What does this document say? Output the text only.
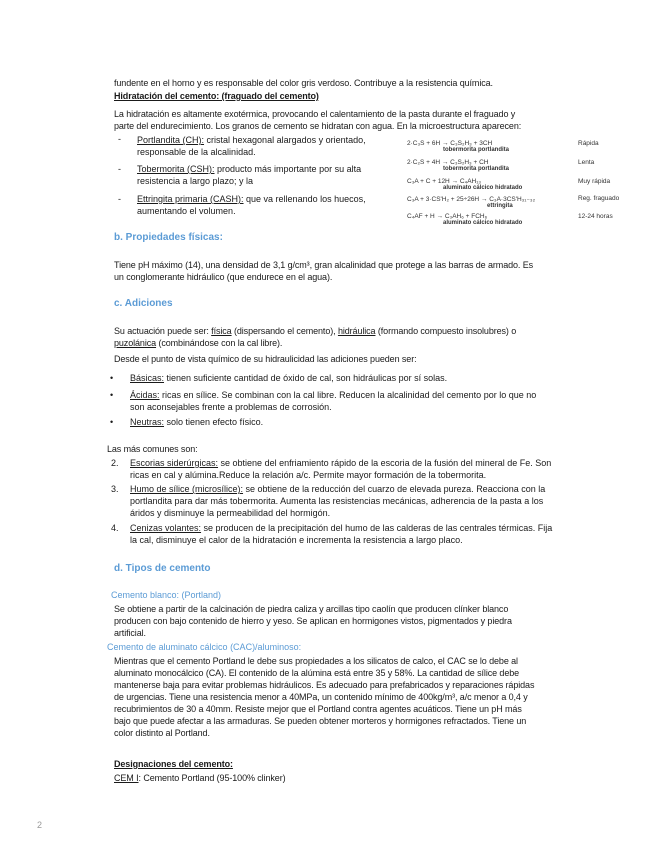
fundente en el horno y es responsable del color gris verdoso. Contribuye a la resistencia química.
Hidratación del cemento: (fraguado del cemento)
La hidratación es altamente exotérmica, provocando el calentamiento de la pasta durante el fraguado y
parte del endurecimiento. Los granos de cemento se hidratan con agua. En la microestructura aparecen:
- Portlandita (CH): cristal hexagonal alargados y orientado,
responsable de la alcalinidad.
- Tobermorita (CSH): producto más importante por su alta
resistencia a largo plazo; y la
- Ettringita primaria (CASH): que va rellenando los huecos,
aumentando el volumen.
2·C₃S + 6H → C₃S₂H₃ + 3CH	Rápida
tobermorita portlandita	

2·C₂S + 4H → C₃S₂H₃ + CH	Lenta
tobermorita portlandita	

C₃A + C + 12H → C₄AH₁₃	Muy rápida
aluminato cálcico hidratado	

C₃A + 3·CS'H₂ + 25÷26H → C₃A·3CS'H₃₁₋₃₂	Reg. fraguado
ettringita	

C₄AF + H → C₃AH₆ + FCH₆	12-24 horas
aluminato cálcico hidratado	
b. Propiedades físicas:
Tiene pH máximo (14), una densidad de 3,1 g/cm³, gran alcalinidad que protege a las barras de armado. Es
un conglomerante hidráulico (que endurece en el agua).
c. Adiciones
Su actuación puede ser: física (dispersando el cemento), hidráulica (formando compuesto insolubres) o
puzolánica (combinándose con la cal libre).
Desde el punto de vista químico de su hidraulicidad las adiciones pueden ser:
• Básicas: tienen suficiente cantidad de óxido de cal, son hidráulicas por sí solas.
• Ácidas: ricas en sílice. Se combinan con la cal libre. Reducen la alcalinidad del cemento por lo que no
son aconsejables frente a problemas de corrosión.
• Neutras: solo tienen efecto físico.
Las más comunes son:
2. Escorias siderúrgicas: se obtiene del enfriamiento rápido de la escoria de la fusión del mineral de Fe. Son
ricas en cal y alúmina.Reduce la relación a/c. Permite mayor formación de la tobermorita.
3. Humo de sílice (microsílice): se obtiene de la reducción del cuarzo de elevada pureza. Reacciona con la
portlandita para dar más tobermorita. Aumenta las resistencias mecánicas, adherencia de la pasta a los
áridos y disminuye la permeabilidad del hormigón.
4. Cenizas volantes: se producen de la precipitación del humo de las calderas de las centrales térmicas. Fija
la cal, disminuye el calor de la hidratación e incrementa la resistencia a largo placo.
d. Tipos de cemento
Cemento blanco: (Portland)
Se obtiene a partir de la calcinación de piedra caliza y arcillas tipo caolín que producen clínker blanco
producen con bajo contenido de hierro y yeso. Se aplican en hormigones vistos, pigmentados y piedra
artificial.
Cemento de aluminato cálcico (CAC)/aluminoso:
Mientras que el cemento Portland le debe sus propiedades a los silicatos de calco, el CAC se lo debe al
aluminato monocálcico (CA). El contenido de la alúmina está entre 35 y 58%. La cantidad de sílice debe
mantenerse baja para evitar problemas hidráulicos. Es adecuado para prefabricados y reparaciones rápidas
de urgencias. Tiene una resistencia menor a 40MPa, un contenido mínimo de 400kg/m³, a/c menor a 0,4 y
recubrimientos de 30 a 40mm. Resiste mejor que el Portland contra agentes acuáticos. Tiene un pH más
bajo que puede afectar a las armaduras. Se pueden obtener morteros y hormigones refractados. Tiene un
color distinto al Portland.
Designaciones del cemento:
CEM I: Cemento Portland (95-100% clinker)
2
